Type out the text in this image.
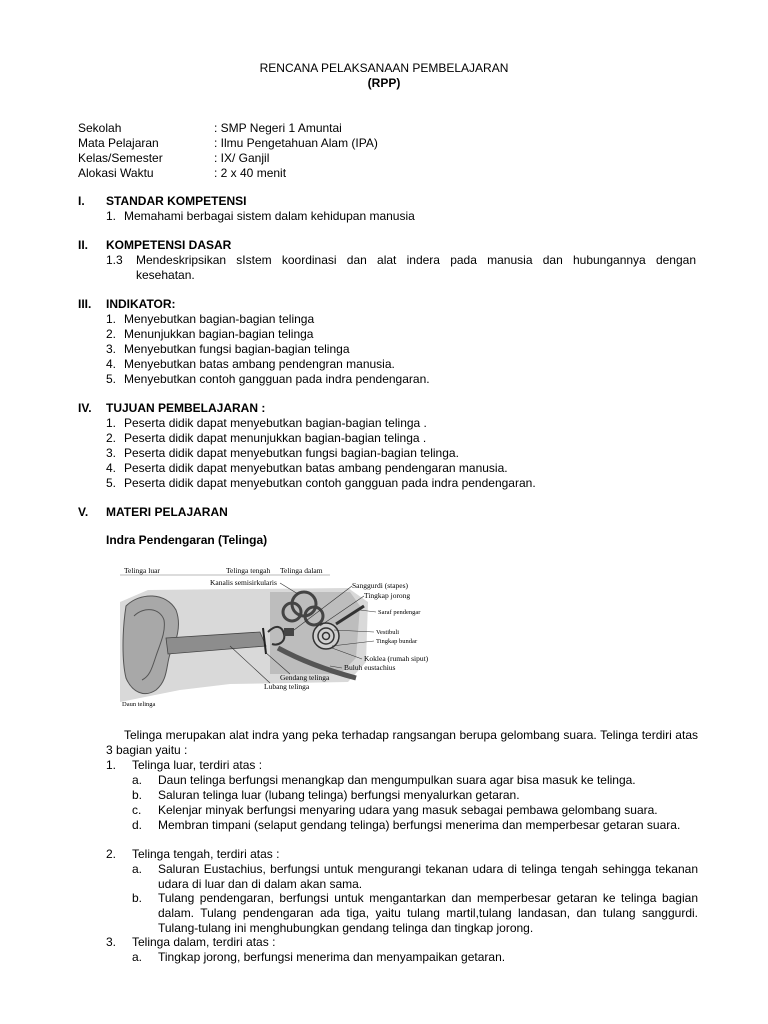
RENCANA PELAKSANAAN PEMBELAJARAN
(RPP)
Sekolah	: SMP Negeri 1 Amuntai
Mata Pelajaran	: Ilmu Pengetahuan Alam (IPA)
Kelas/Semester	: IX/ Ganjil
Alokasi Waktu	: 2 x 40 menit
I. STANDAR KOMPETENSI
1. Memahami berbagai sistem dalam kehidupan manusia
II. KOMPETENSI DASAR
1.3 Mendeskripsikan sIstem koordinasi dan alat indera pada manusia dan hubungannya dengan
kesehatan.
III. INDIKATOR:
1. Menyebutkan bagian-bagian telinga
2. Menunjukkan bagian-bagian telinga
3. Menyebutkan fungsi bagian-bagian telinga
4. Menyebutkan batas ambang pendengran manusia.
5. Menyebutkan contoh gangguan pada indra pendengaran.
IV. TUJUAN PEMBELAJARAN :
1. Peserta didik dapat menyebutkan bagian-bagian telinga .
2. Peserta didik dapat menunjukkan bagian-bagian telinga .
3. Peserta didik dapat menyebutkan fungsi bagian-bagian telinga.
4. Peserta didik dapat menyebutkan batas ambang pendengaran manusia.
5. Peserta didik dapat menyebutkan contoh gangguan pada indra pendengaran.
V. MATERI PELAJARAN
Indra Pendengaran (Telinga)
Telinga luar	Telinga tengah Telinga dalam
Kanalis semisirkularis	Sanggurdi (stapes)
Tingkap jorong
Saraf pendengar
Vestibuli
Tingkap bundar
Koklea (rumah siput)
Buluh eustachius
Gendang telinga
Lubang telinga
Daun telinga
Telinga merupakan alat indra yang peka terhadap rangsangan berupa gelombang suara. Telinga terdiri atas 3 bagian yaitu :
1. Telinga luar, terdiri atas :
a. Daun telinga berfungsi menangkap dan mengumpulkan suara agar bisa masuk ke telinga.
b. Saluran telinga luar (lubang telinga) berfungsi menyalurkan getaran.
c. Kelenjar minyak berfungsi menyaring udara yang masuk sebagai pembawa gelombang suara.
d. Membran timpani (selaput gendang telinga) berfungsi menerima dan memperbesar getaran suara.
2. Telinga tengah, terdiri atas :
a. Saluran Eustachius, berfungsi untuk mengurangi tekanan udara di telinga tengah sehingga tekanan udara di luar dan di dalam akan sama.
b. Tulang pendengaran, berfungsi untuk mengantarkan dan memperbesar getaran ke telinga bagian dalam. Tulang pendengaran ada tiga, yaitu tulang martil,tulang landasan, dan tulang sanggurdi. Tulang-tulang ini menghubungkan gendang telinga dan tingkap jorong.
3. Telinga dalam, terdiri atas :
a. Tingkap jorong, berfungsi menerima dan menyampaikan getaran.
